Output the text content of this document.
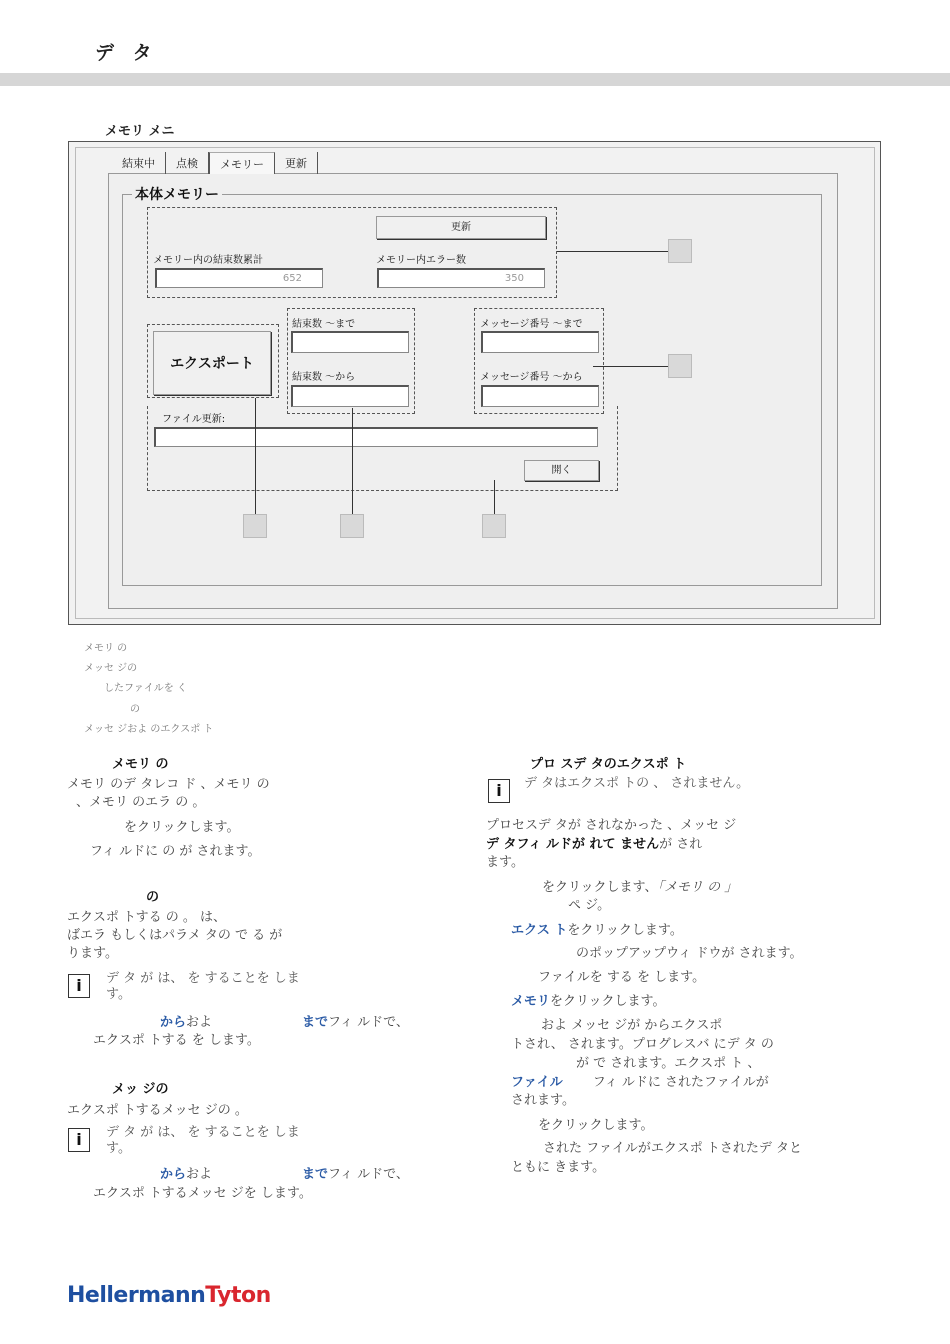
デ タ
メモリ メニ
結束中	点検	メモリー	更新
本体メモリー
更新
メモリー内の結束数累計
652
メモリー内エラー数
350
エクスポート
結束数 ～まで
結束数 ～から
メッセージ番号 ～まで
メッセージ番号 ～から
ファイル更新:
開く
メモリ の
メッセ ジの
したファイルを く
の
メッセ ジおよ のエクスポ ト
メモリ の
メモリ のデ タレコ ド 、メモリ の
、メモリ のエラ の 。
をクリックします。
フィ ルドに の が されます。
の
エクスポ トする の 。 は、
ばエラ もしくはパラメ タの で る が
ります。
i	デ タ が は、 を することを しま
す。
からおよ	までフィ ルドで、
エクスポ トする を します。
メッ ジの
エクスポ トするメッセ ジの 。
i	デ タ が は、 を することを しま
す。
からおよ	までフィ ルドで、
エクスポ トするメッセ ジを します。
プロ スデ タのエクスポ ト
i	デ タはエクスポ トの 、 されません。
プロセスデ タが されなかった 、メッセ ジ
デ タフィ ルドが れて ませんが され
ます。
をクリックします、「メモリ の 」
ペ ジ。
エクス トをクリックします。
のポップアップウィ ドウが されます。
ファイルを する を します。
メモリをクリックします。
およ メッセ ジが からエクスポ
トされ、 されます。プログレスバ にデ タ の
が で されます。エクスポ ト 、
ファイル フィ ルドに されたファイルが
されます。
をクリックします。
された ファイルがエクスポ トされたデ タと
ともに きます。
HellermannTyton
